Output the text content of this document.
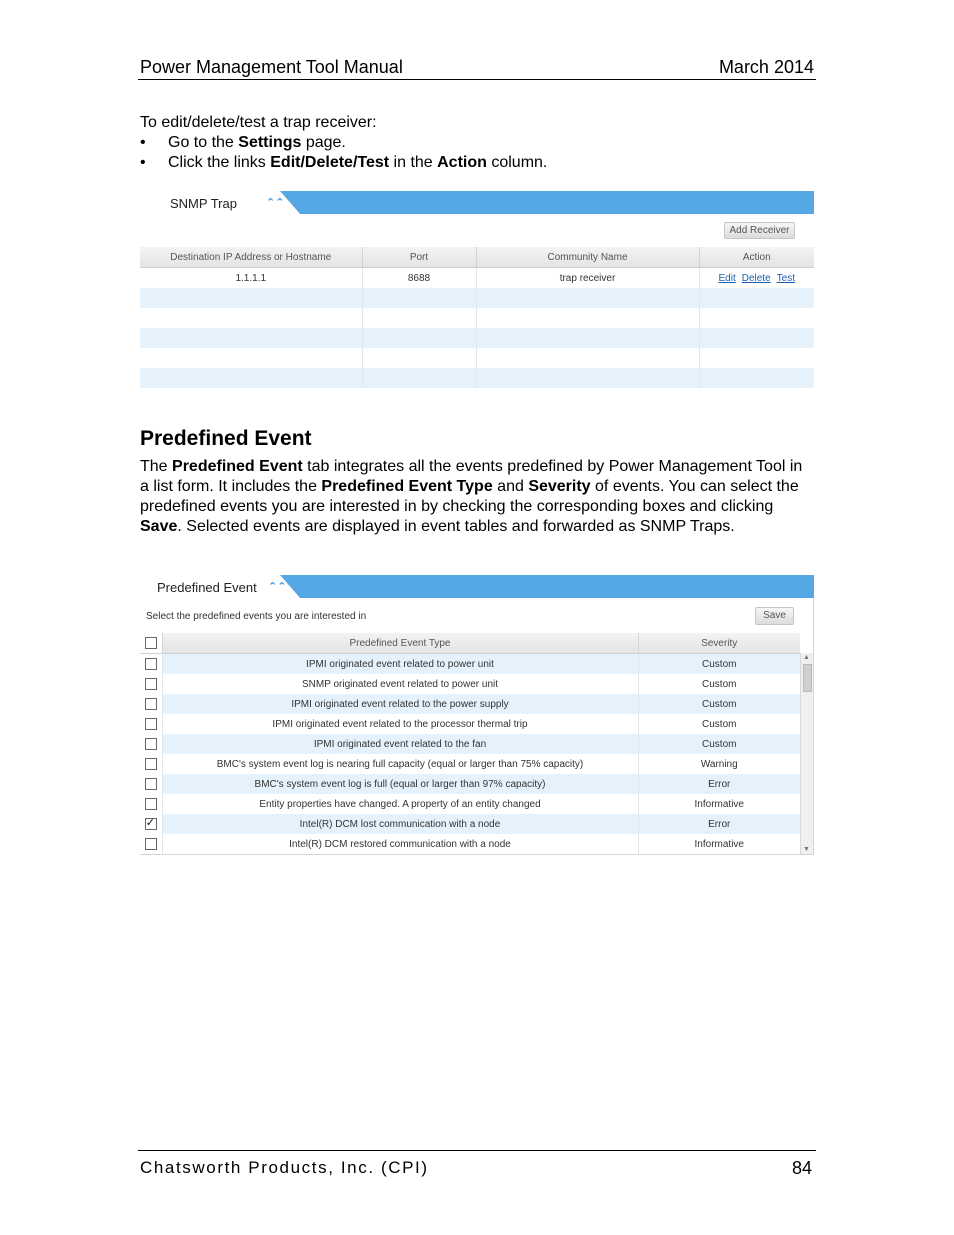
Power Management Tool Manual	March 2014
To edit/delete/test a trap receiver:
• Go to the Settings page.
• Click the links Edit/Delete/Test in the Action column.
SNMP Trap	⌃⌃
Add Receiver
Destination IP Address or Hostname	Port	Community Name	Action
1.1.1.1	8688	trap receiver	Edit Delete Test

Predefined Event
The Predefined Event tab integrates all the events predefined by Power Management Tool in a list form. It includes the Predefined Event Type and Severity of events. You can select the predefined events you are interested in by checking the corresponding boxes and clicking Save. Selected events are displayed in event tables and forwarded as SNMP Traps.
Predefined Event ⌃⌃
Select the predefined events you are interested in	Save
	Predefined Event Type	Severity
	IPMI originated event related to power unit	Custom
	SNMP originated event related to power unit	Custom
	IPMI originated event related to the power supply	Custom
	IPMI originated event related to the processor thermal trip	Custom
	IPMI originated event related to the fan	Custom
	BMC's system event log is nearing full capacity (equal or larger than 75% capacity)	Warning
	BMC's system event log is full (equal or larger than 97% capacity)	Error
	Entity properties have changed. A property of an entity changed	Informative
✓	Intel(R) DCM lost communication with a node	Error
	Intel(R) DCM restored communication with a node	Informative
▲
▼
Chatsworth Products, Inc. (CPI)	84
